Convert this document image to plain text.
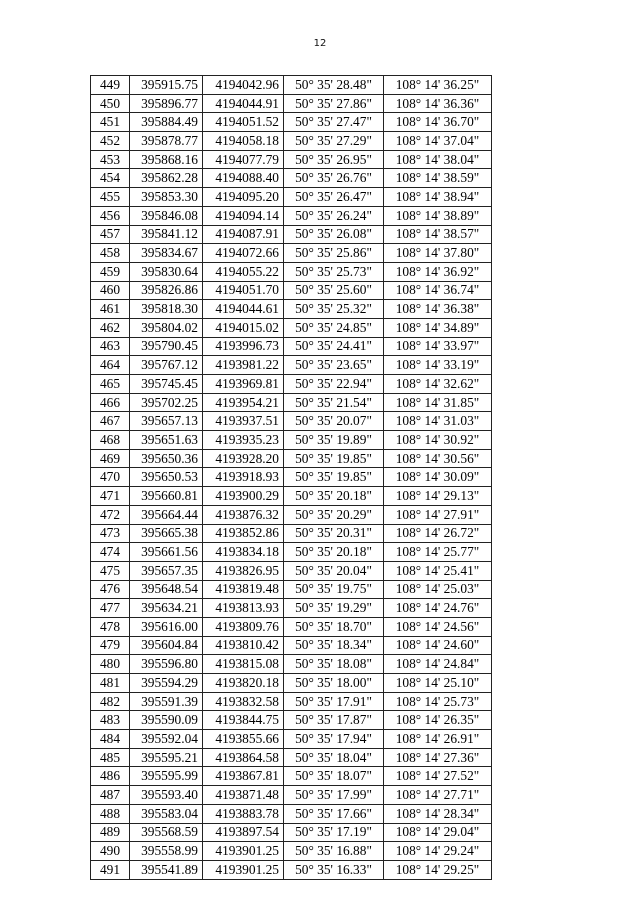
12
449	395915.75	4194042.96	50° 35' 28.48"	108° 14' 36.25"
450	395896.77	4194044.91	50° 35' 27.86"	108° 14' 36.36"
451	395884.49	4194051.52	50° 35' 27.47"	108° 14' 36.70"
452	395878.77	4194058.18	50° 35' 27.29"	108° 14' 37.04"
453	395868.16	4194077.79	50° 35' 26.95"	108° 14' 38.04"
454	395862.28	4194088.40	50° 35' 26.76"	108° 14' 38.59"
455	395853.30	4194095.20	50° 35' 26.47"	108° 14' 38.94"
456	395846.08	4194094.14	50° 35' 26.24"	108° 14' 38.89"
457	395841.12	4194087.91	50° 35' 26.08"	108° 14' 38.57"
458	395834.67	4194072.66	50° 35' 25.86"	108° 14' 37.80"
459	395830.64	4194055.22	50° 35' 25.73"	108° 14' 36.92"
460	395826.86	4194051.70	50° 35' 25.60"	108° 14' 36.74"
461	395818.30	4194044.61	50° 35' 25.32"	108° 14' 36.38"
462	395804.02	4194015.02	50° 35' 24.85"	108° 14' 34.89"
463	395790.45	4193996.73	50° 35' 24.41"	108° 14' 33.97"
464	395767.12	4193981.22	50° 35' 23.65"	108° 14' 33.19"
465	395745.45	4193969.81	50° 35' 22.94"	108° 14' 32.62"
466	395702.25	4193954.21	50° 35' 21.54"	108° 14' 31.85"
467	395657.13	4193937.51	50° 35' 20.07"	108° 14' 31.03"
468	395651.63	4193935.23	50° 35' 19.89"	108° 14' 30.92"
469	395650.36	4193928.20	50° 35' 19.85"	108° 14' 30.56"
470	395650.53	4193918.93	50° 35' 19.85"	108° 14' 30.09"
471	395660.81	4193900.29	50° 35' 20.18"	108° 14' 29.13"
472	395664.44	4193876.32	50° 35' 20.29"	108° 14' 27.91"
473	395665.38	4193852.86	50° 35' 20.31"	108° 14' 26.72"
474	395661.56	4193834.18	50° 35' 20.18"	108° 14' 25.77"
475	395657.35	4193826.95	50° 35' 20.04"	108° 14' 25.41"
476	395648.54	4193819.48	50° 35' 19.75"	108° 14' 25.03"
477	395634.21	4193813.93	50° 35' 19.29"	108° 14' 24.76"
478	395616.00	4193809.76	50° 35' 18.70"	108° 14' 24.56"
479	395604.84	4193810.42	50° 35' 18.34"	108° 14' 24.60"
480	395596.80	4193815.08	50° 35' 18.08"	108° 14' 24.84"
481	395594.29	4193820.18	50° 35' 18.00"	108° 14' 25.10"
482	395591.39	4193832.58	50° 35' 17.91"	108° 14' 25.73"
483	395590.09	4193844.75	50° 35' 17.87"	108° 14' 26.35"
484	395592.04	4193855.66	50° 35' 17.94"	108° 14' 26.91"
485	395595.21	4193864.58	50° 35' 18.04"	108° 14' 27.36"
486	395595.99	4193867.81	50° 35' 18.07"	108° 14' 27.52"
487	395593.40	4193871.48	50° 35' 17.99"	108° 14' 27.71"
488	395583.04	4193883.78	50° 35' 17.66"	108° 14' 28.34"
489	395568.59	4193897.54	50° 35' 17.19"	108° 14' 29.04"
490	395558.99	4193901.25	50° 35' 16.88"	108° 14' 29.24"
491	395541.89	4193901.25	50° 35' 16.33"	108° 14' 29.25"
